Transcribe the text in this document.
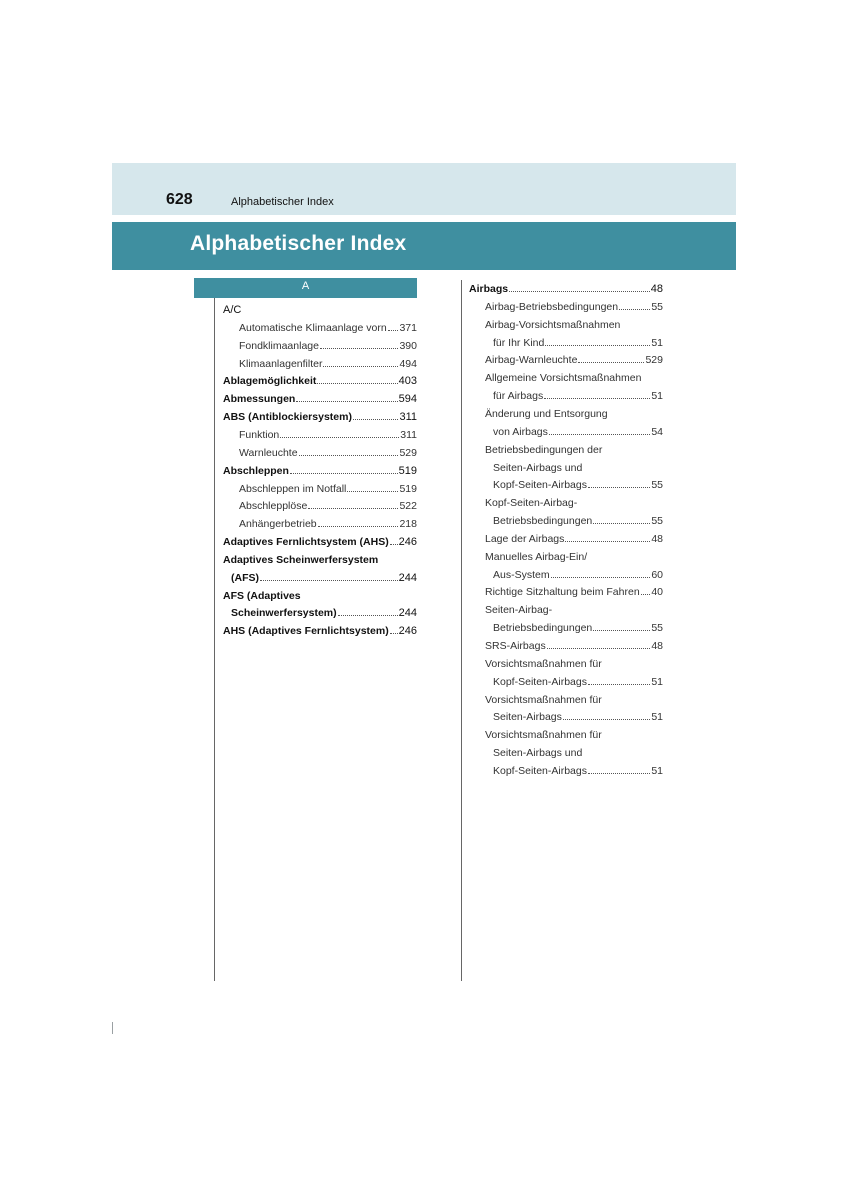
628	Alphabetischer Index
Alphabetischer Index
A
A/C
Automatische Klimaanlage vorn 371
Fondklimaanlage	390
Klimaanlagenfilter	494
Ablagemöglichkeit	403
Abmessungen	594
ABS (Antiblockiersystem)	311
Funktion	311
Warnleuchte	529
Abschleppen	519
Abschleppen im Notfall	519
Abschlepplöse	522
Anhängerbetrieb	218
Adaptives Fernlichtsystem (AHS) 246
Adaptives Scheinwerfersystem
(AFS)	244
AFS (Adaptives
Scheinwerfersystem)	244
AHS (Adaptives Fernlichtsystem) 246
Airbags	48
Airbag-Betriebsbedingungen	55
Airbag-Vorsichtsmaßnahmen
für Ihr Kind	51
Airbag-Warnleuchte	529
Allgemeine Vorsichtsmaßnahmen
für Airbags	51
Änderung und Entsorgung
von Airbags	54
Betriebsbedingungen der
Seiten-Airbags und
Kopf-Seiten-Airbags	55
Kopf-Seiten-Airbag-
Betriebsbedingungen	55
Lage der Airbags	48
Manuelles Airbag-Ein/
Aus-System	60
Richtige Sitzhaltung beim Fahren 40
Seiten-Airbag-
Betriebsbedingungen	55
SRS-Airbags	48
Vorsichtsmaßnahmen für
Kopf-Seiten-Airbags	51
Vorsichtsmaßnahmen für
Seiten-Airbags	51
Vorsichtsmaßnahmen für
Seiten-Airbags und
Kopf-Seiten-Airbags	51
